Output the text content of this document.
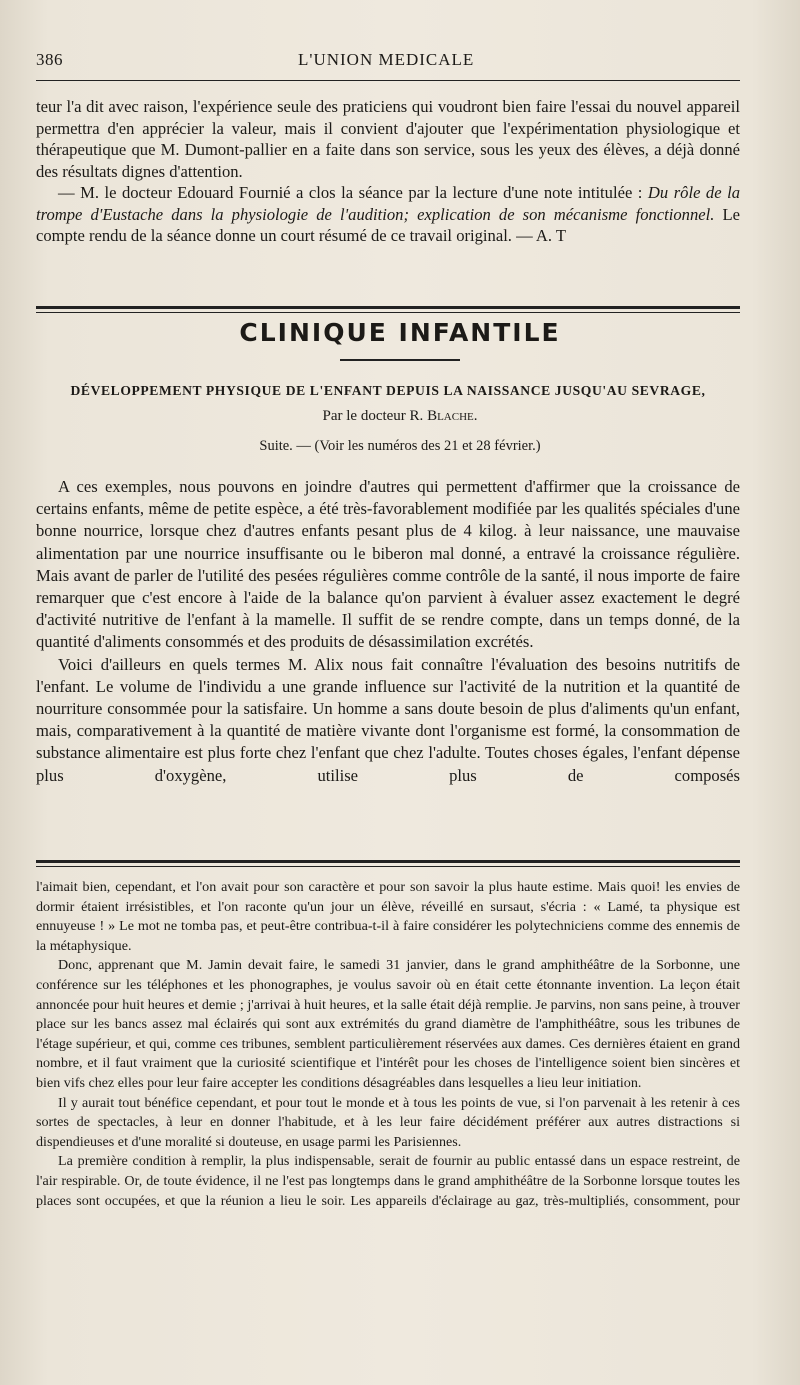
386	L'UNION MEDICALE

teur l'a dit avec raison, l'expérience seule des praticiens qui voudront bien faire l'essai du nouvel appareil permettra d'en apprécier la valeur, mais il convient d'ajouter que l'expérimentation physiologique et thérapeutique que M. Dumont-pallier en a faite dans son service, sous les yeux des élèves, a déjà donné des résultats dignes d'attention.

— M. le docteur Edouard Fournié a clos la séance par la lecture d'une note intitulée : Du rôle de la trompe d'Eustache dans la physiologie de l'audition; explication de son mécanisme fonctionnel. Le compte rendu de la séance donne un court résumé de ce travail original. — A. T

CLINIQUE INFANTILE
DÉVELOPPEMENT PHYSIQUE DE L'ENFANT DEPUIS LA NAISSANCE JUSQU'AU SEVRAGE,
Par le docteur R. Blache.
Suite. — (Voir les numéros des 21 et 28 février.)

A ces exemples, nous pouvons en joindre d'autres qui permettent d'affirmer que la croissance de certains enfants, même de petite espèce, a été très-favorablement modifiée par les qualités spéciales d'une bonne nourrice, lorsque chez d'autres enfants pesant plus de 4 kilog. à leur naissance, une mauvaise alimentation par une nourrice insuffisante ou le biberon mal donné, a entravé la croissance régulière. Mais avant de parler de l'utilité des pesées régulières comme contrôle de la santé, il nous importe de faire remarquer que c'est encore à l'aide de la balance qu'on parvient à évaluer assez exactement le degré d'activité nutritive de l'enfant à la mamelle. Il suffit de se rendre compte, dans un temps donné, de la quantité d'aliments consommés et des produits de désassimilation excrétés.

Voici d'ailleurs en quels termes M. Alix nous fait connaître l'évaluation des besoins nutritifs de l'enfant. Le volume de l'individu a une grande influence sur l'activité de la nutrition et la quantité de nourriture consommée pour la satisfaire. Un homme a sans doute besoin de plus d'aliments qu'un enfant, mais, comparativement à la quantité de matière vivante dont l'organisme est formé, la consommation de substance alimentaire est plus forte chez l'enfant que chez l'adulte. Toutes choses égales, l'enfant dépense plus d'oxygène, utilise plus de composés

l'aimait bien, cependant, et l'on avait pour son caractère et pour son savoir la plus haute estime. Mais quoi! les envies de dormir étaient irrésistibles, et l'on raconte qu'un jour un élève, réveillé en sursaut, s'écria : « Lamé, ta physique est ennuyeuse ! » Le mot ne tomba pas, et peut-être contribua-t-il à faire considérer les polytechniciens comme des ennemis de la métaphysique.

Donc, apprenant que M. Jamin devait faire, le samedi 31 janvier, dans le grand amphithéâtre de la Sorbonne, une conférence sur les téléphones et les phonographes, je voulus savoir où en était cette étonnante invention. La leçon était annoncée pour huit heures et demie ; j'arrivai à huit heures, et la salle était déjà remplie. Je parvins, non sans peine, à trouver place sur les bancs assez mal éclairés qui sont aux extrémités du grand diamètre de l'amphithéâtre, sous les tribunes de l'étage supérieur, et qui, comme ces tribunes, semblent particulièrement réservées aux dames. Ces dernières étaient en grand nombre, et il faut vraiment que la curiosité scientifique et l'intérêt pour les choses de l'intelligence soient bien sincères et bien vifs chez elles pour leur faire accepter les conditions désagréables dans lesquelles a lieu leur initiation.

Il y aurait tout bénéfice cependant, et pour tout le monde et à tous les points de vue, si l'on parvenait à les retenir à ces sortes de spectacles, à leur en donner l'habitude, et à les leur faire décidément préférer aux autres distractions si dispendieuses et d'une moralité si douteuse, en usage parmi les Parisiennes.

La première condition à remplir, la plus indispensable, serait de fournir au public entassé dans un espace restreint, de l'air respirable. Or, de toute évidence, il ne l'est pas longtemps dans le grand amphithéâtre de la Sorbonne lorsque toutes les places sont occupées, et que la réunion a lieu le soir. Les appareils d'éclairage au gaz, très-multipliés, consomment, pour
